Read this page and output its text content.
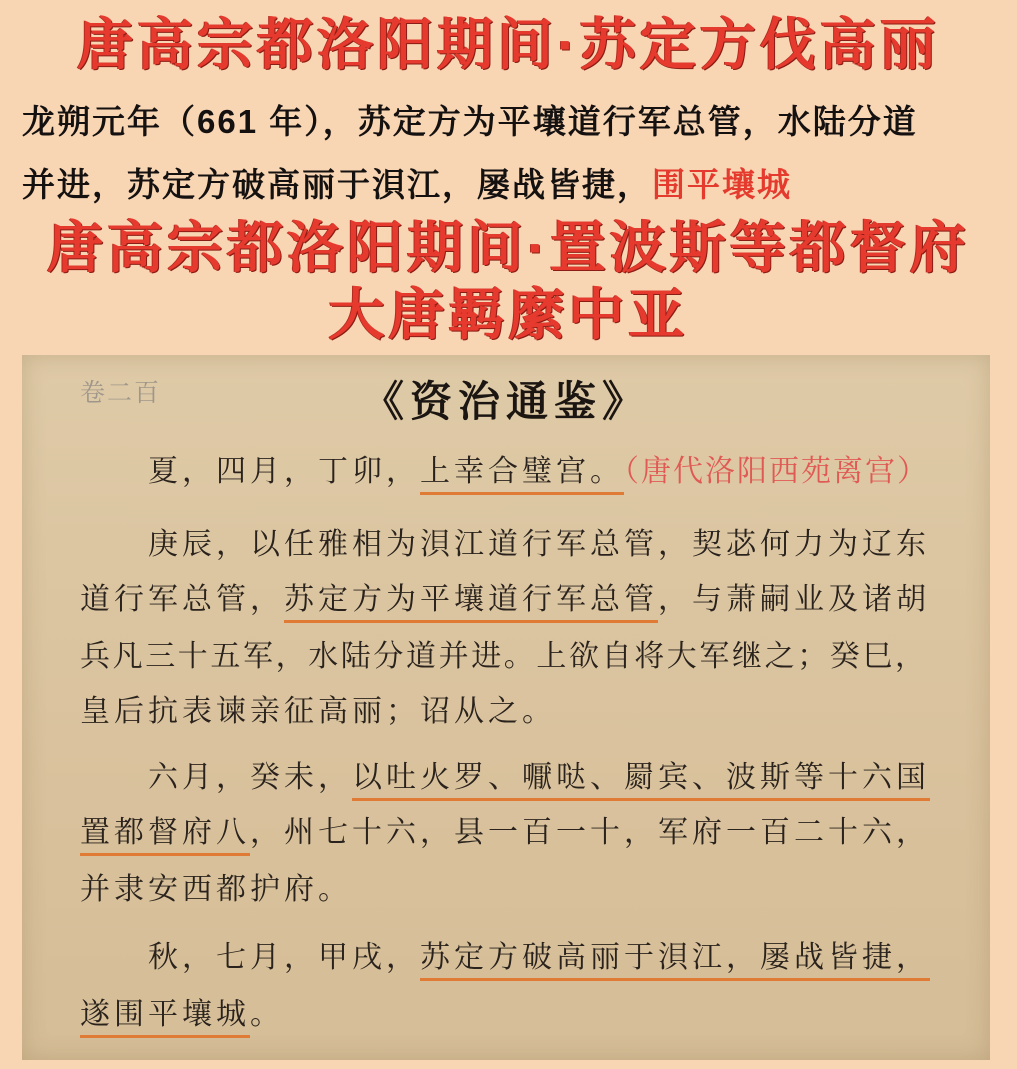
唐高宗都洛阳期间·苏定方伐高丽
龙朔元年（661 年），苏定方为平壤道行军总管，水陆分道
并进，苏定方破高丽于浿江，屡战皆捷，围平壤城
唐高宗都洛阳期间·置波斯等都督府
大唐羁縻中亚
卷二百	《资治通鉴》
夏，四月，丁卯，上幸合璧宫。（唐代洛阳西苑离宫）
庚辰，以任雅相为浿江道行军总管，契苾何力为辽东
道行军总管，苏定方为平壤道行军总管，与萧嗣业及诸胡
兵凡三十五军，水陆分道并进。上欲自将大军继之；癸巳，
皇后抗表谏亲征高丽；诏从之。
六月，癸未，以吐火罗、嚈哒、罽宾、波斯等十六国
置都督府八，州七十六，县一百一十，军府一百二十六，
并隶安西都护府。
秋，七月，甲戌，苏定方破高丽于浿江，屡战皆捷，
遂围平壤城。
